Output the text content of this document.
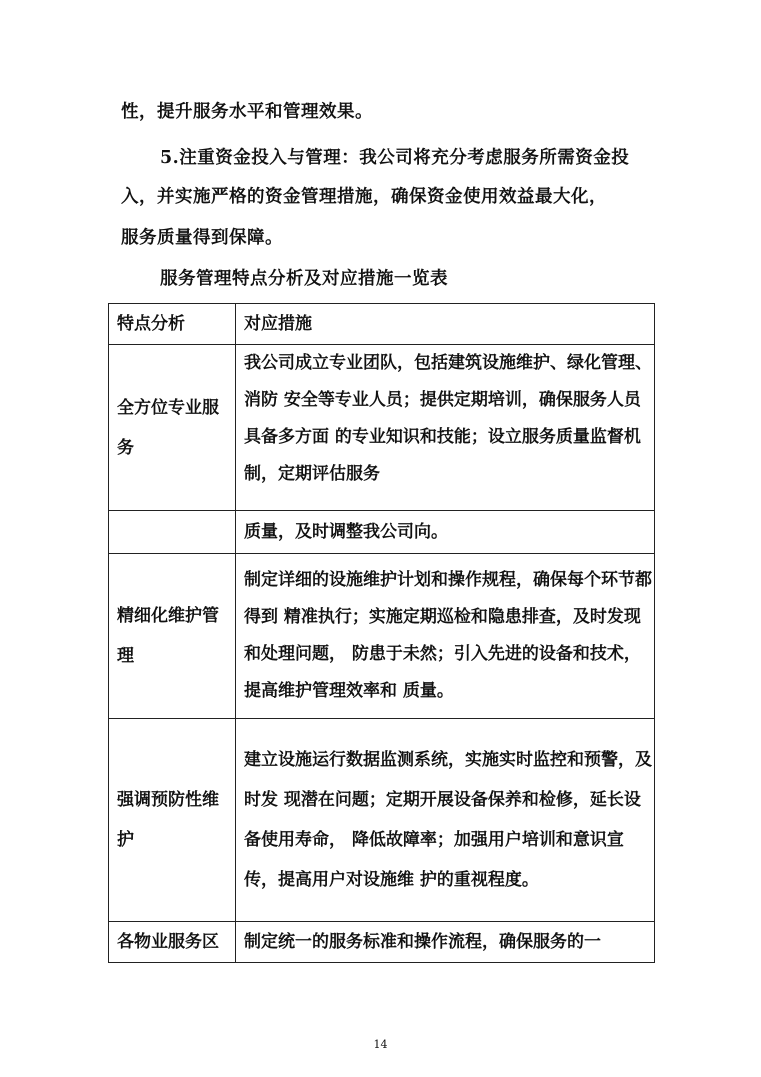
性，提升服务水平和管理效果。
5.注重资金投入与管理：我公司将充分考虑服务所需资金投
入，并实施严格的资金管理措施，确保资金使用效益最大化，
服务质量得到保障。
服务管理特点分析及对应措施一览表
特点分析	对应措施

全方位专业服务	我公司成立专业团队，包括建筑设施维护、绿化管理、消防 安全等专业人员；提供定期培训，确保服务人员具备多方面 的专业知识和技能；设立服务质量监督机制，定期评估服务

	质量，及时调整我公司向。

精细化维护管理	制定详细的设施维护计划和操作规程，确保每个环节都得到 精准执行；实施定期巡检和隐患排查，及时发现和处理问题， 防患于未然；引入先进的设备和技术，提高维护管理效率和 质量。

强调预防性维护	建立设施运行数据监测系统，实施实时监控和预警，及时发 现潜在问题；定期开展设备保养和检修，延长设备使用寿命， 降低故障率；加强用户培训和意识宣传，提高用户对设施维 护的重视程度。

各物业服务区	制定统一的服务标准和操作流程，确保服务的一
14
